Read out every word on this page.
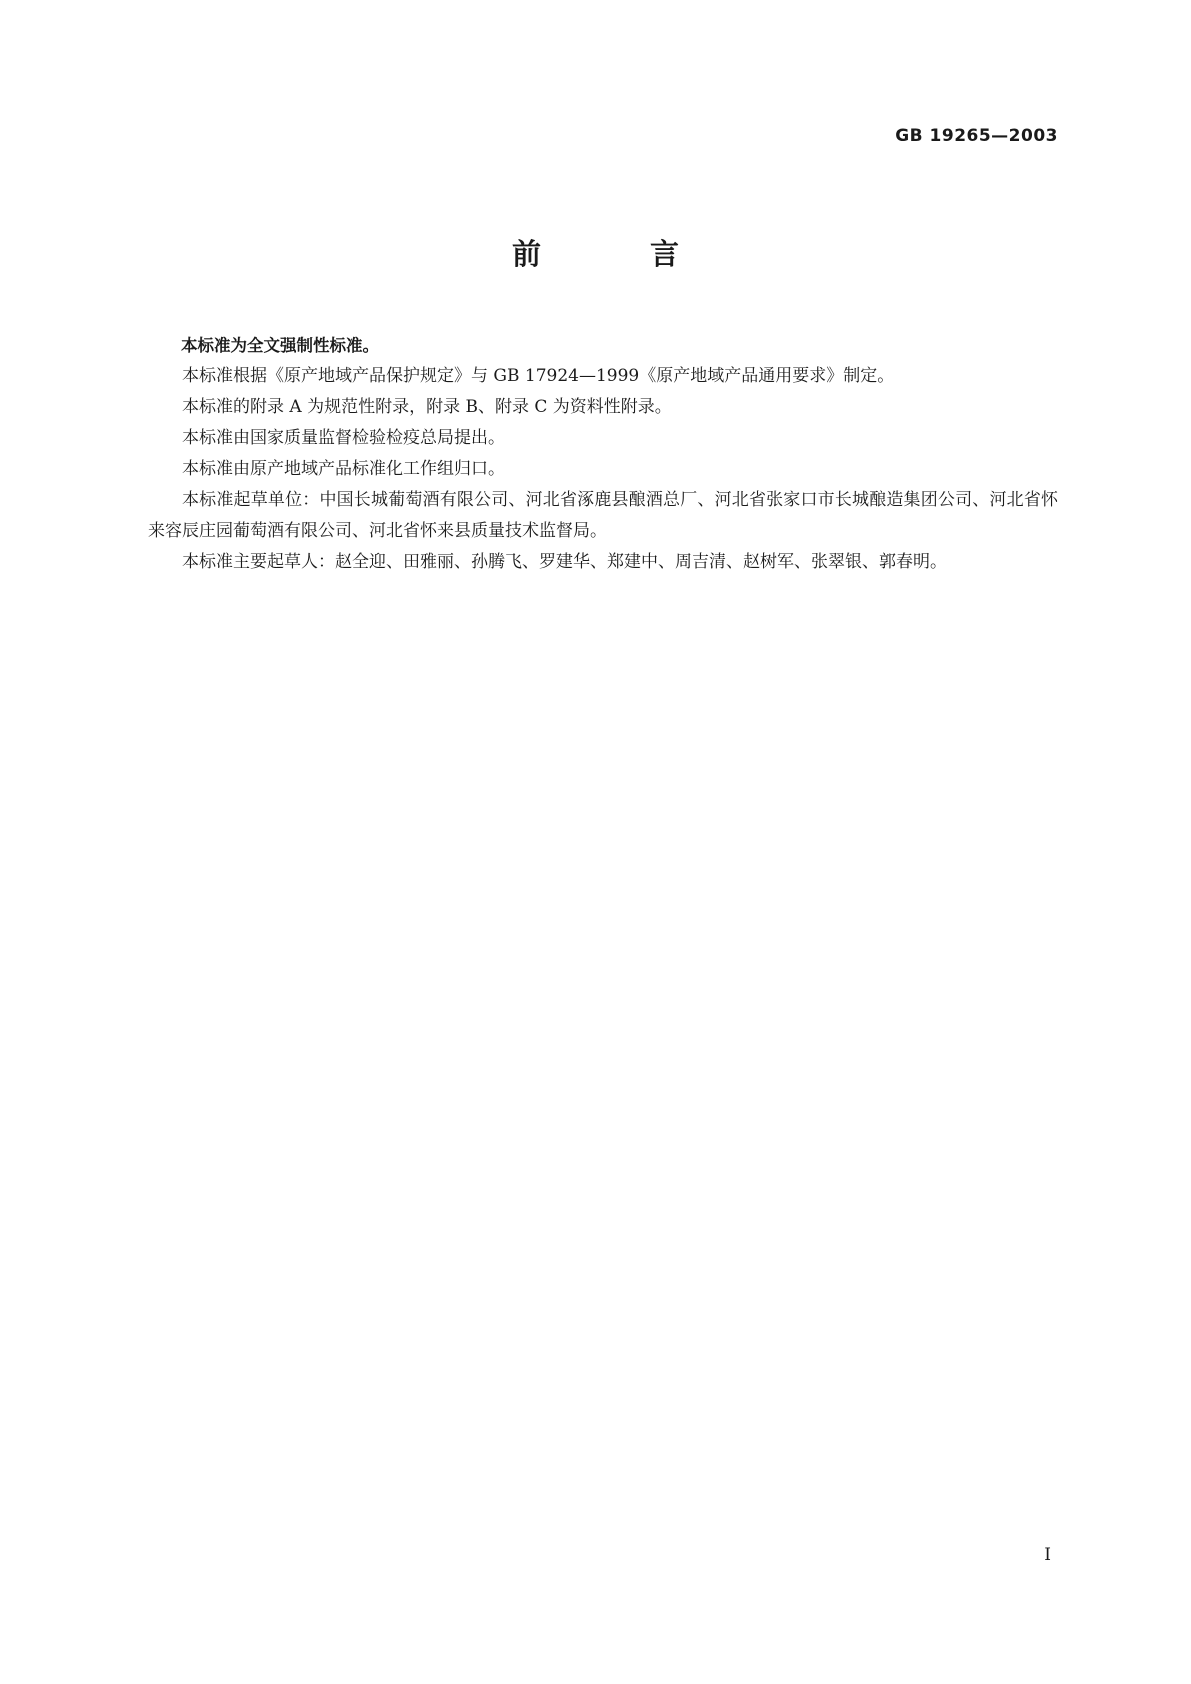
GB 19265—2003
前　言

本标准为全文强制性标准。

本标准根据《原产地域产品保护规定》与 GB 17924—1999《原产地域产品通用要求》制定。

本标准的附录 A 为规范性附录，附录 B、附录 C 为资料性附录。

本标准由国家质量监督检验检疫总局提出。

本标准由原产地域产品标准化工作组归口。

本标准起草单位：中国长城葡萄酒有限公司、河北省涿鹿县酿酒总厂、河北省张家口市长城酿造集团公司、河北省怀来容辰庄园葡萄酒有限公司、河北省怀来县质量技术监督局。

本标准主要起草人：赵全迎、田雅丽、孙腾飞、罗建华、郑建中、周吉清、赵树军、张翠银、郭春明。

I
